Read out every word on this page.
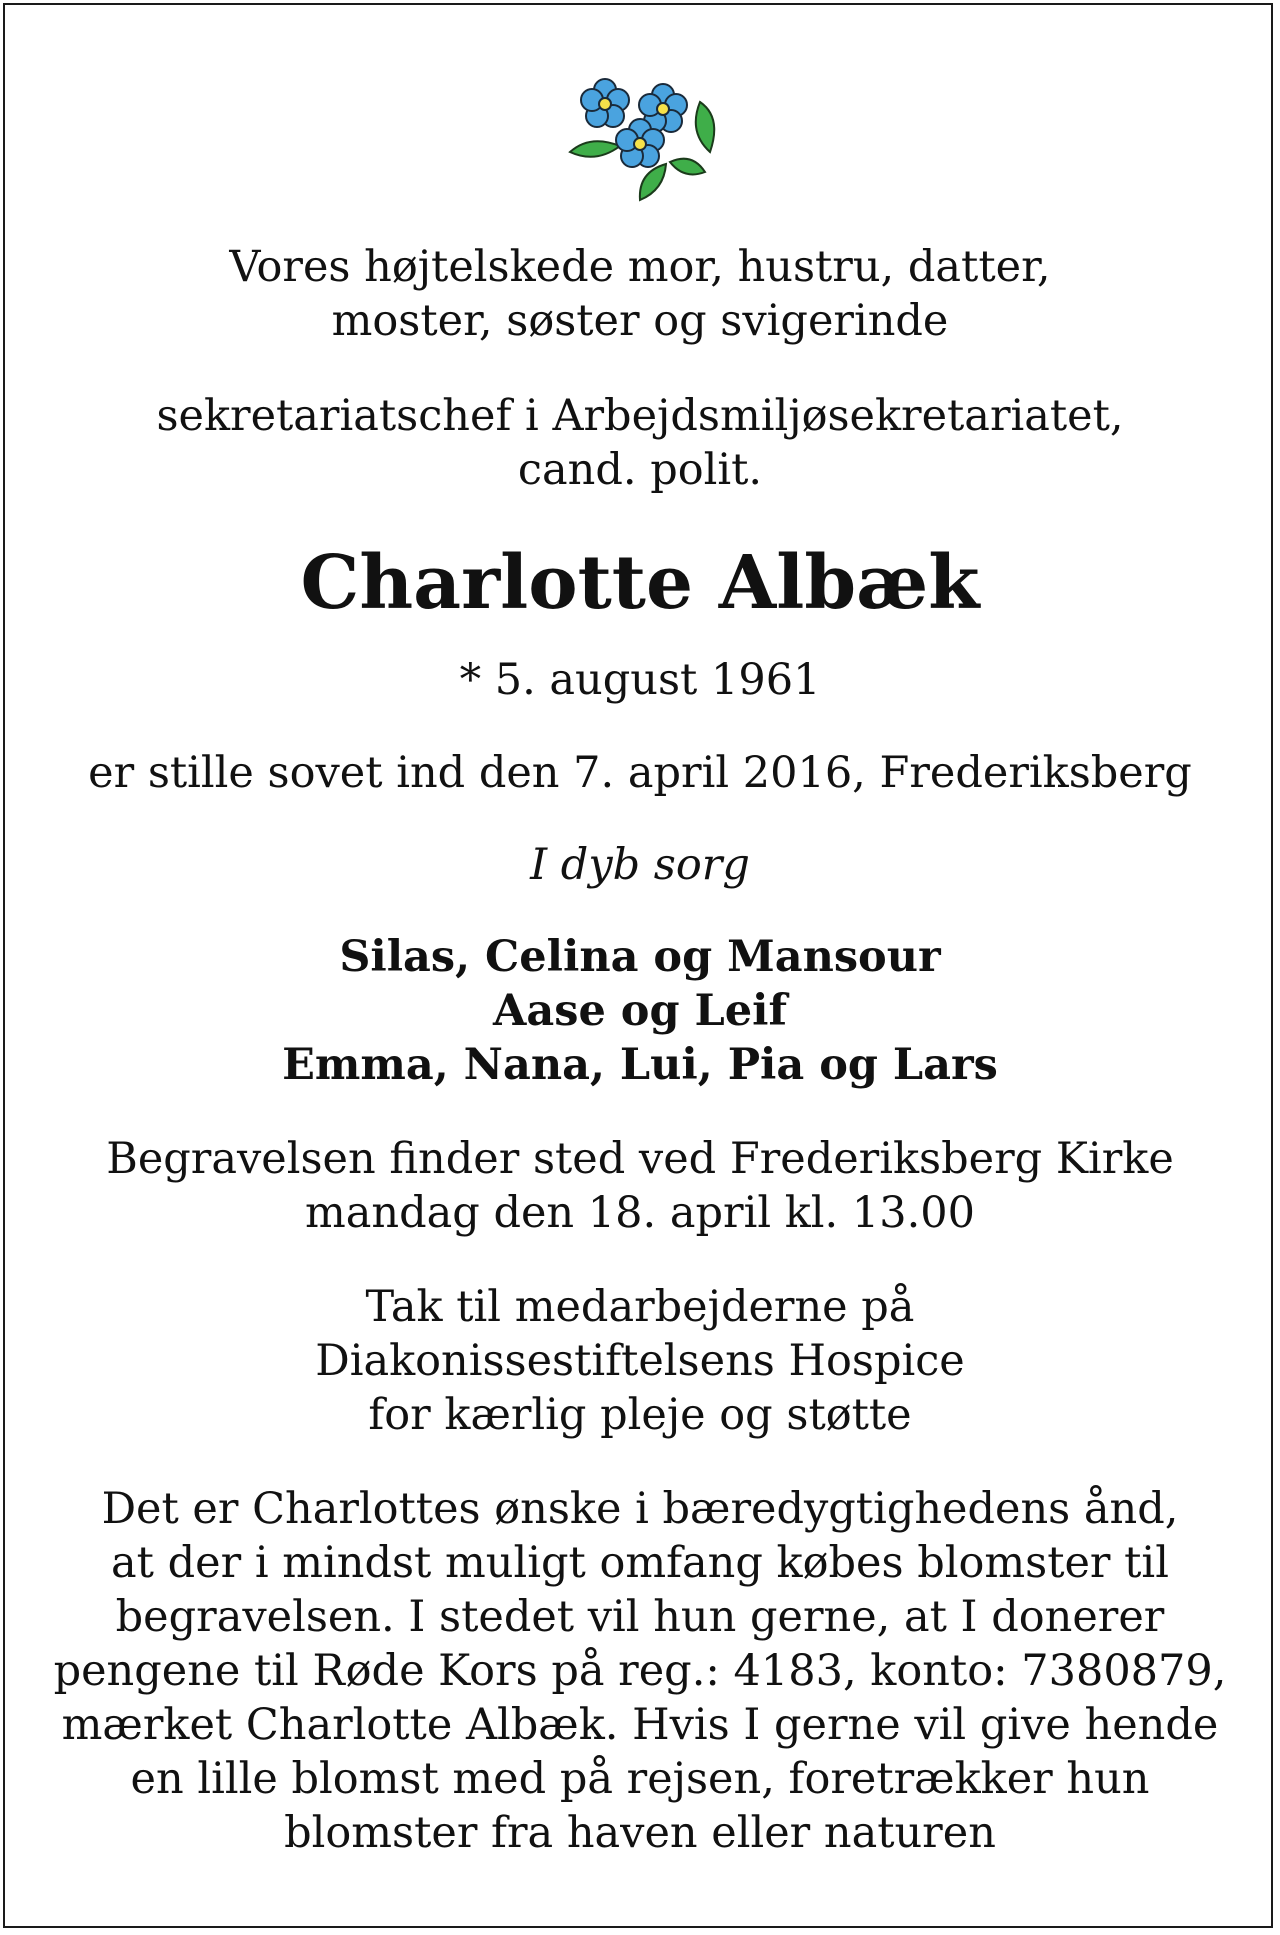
Vores højtelskede mor, hustru, datter,
moster, søster og svigerinde
sekretariatschef i Arbejdsmiljøsekretariatet,
cand. polit.
Charlotte Albæk
* 5. august 1961
er stille sovet ind den 7. april 2016, Frederiksberg
I dyb sorg
Silas, Celina og Mansour
Aase og Leif
Emma, Nana, Lui, Pia og Lars
Begravelsen finder sted ved Frederiksberg Kirke
mandag den 18. april kl. 13.00
Tak til medarbejderne på
Diakonissestiftelsens Hospice
for kærlig pleje og støtte
Det er Charlottes ønske i bæredygtighedens ånd,
at der i mindst muligt omfang købes blomster til
begravelsen. I stedet vil hun gerne, at I donerer
pengene til Røde Kors på reg.: 4183, konto: 7380879,
mærket Charlotte Albæk. Hvis I gerne vil give hende
en lille blomst med på rejsen, foretrækker hun
blomster fra haven eller naturen
